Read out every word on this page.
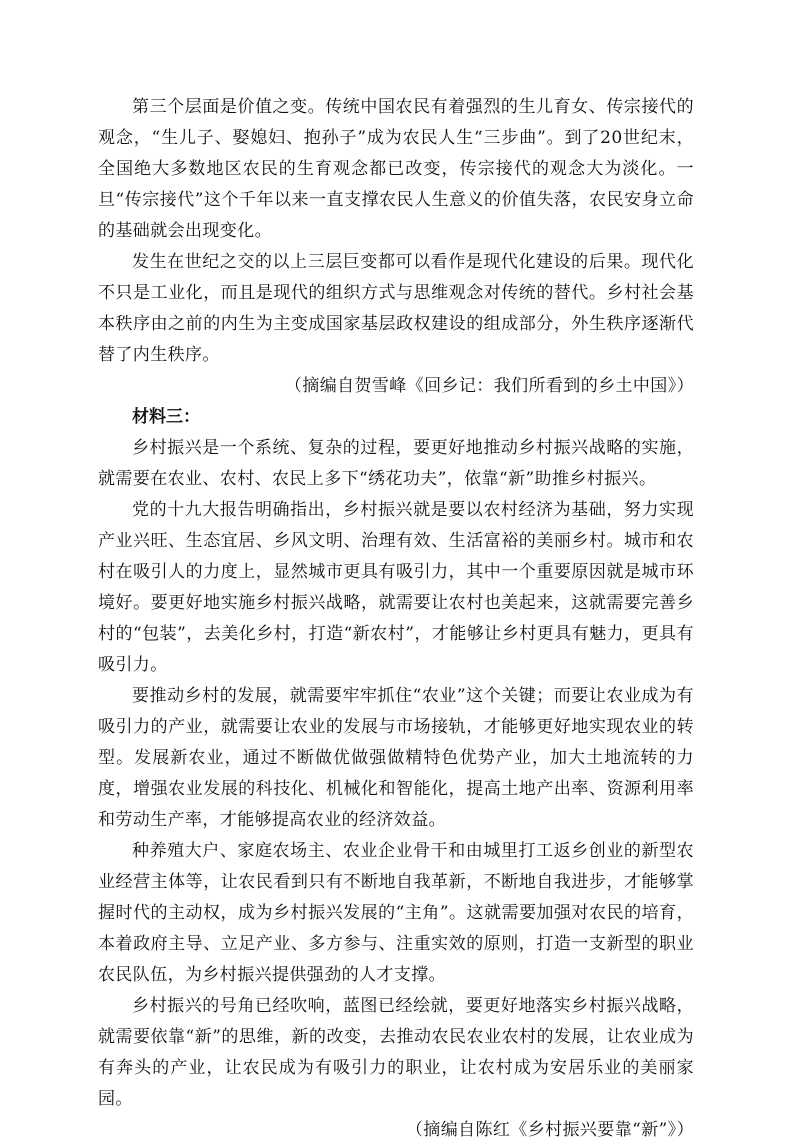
第三个层面是价值之变。传统中国农民有着强烈的生儿育女、传宗接代的观念，“生儿子、娶媳妇、抱孙子”成为农民人生“三步曲”。到了20世纪末，全国绝大多数地区农民的生育观念都已改变，传宗接代的观念大为淡化。一旦“传宗接代”这个千年以来一直支撑农民人生意义的价值失落，农民安身立命的基础就会出现变化。

发生在世纪之交的以上三层巨变都可以看作是现代化建设的后果。现代化不只是工业化，而且是现代的组织方式与思维观念对传统的替代。乡村社会基本秩序由之前的内生为主变成国家基层政权建设的组成部分，外生秩序逐渐代替了内生秩序。

（摘编自贺雪峰《回乡记：我们所看到的乡土中国》）

材料三：

乡村振兴是一个系统、复杂的过程，要更好地推动乡村振兴战略的实施，就需要在农业、农村、农民上多下“绣花功夫”，依靠“新”助推乡村振兴。

党的十九大报告明确指出，乡村振兴就是要以农村经济为基础，努力实现产业兴旺、生态宜居、乡风文明、治理有效、生活富裕的美丽乡村。城市和农村在吸引人的力度上，显然城市更具有吸引力，其中一个重要原因就是城市环境好。要更好地实施乡村振兴战略，就需要让农村也美起来，这就需要完善乡村的“包装”，去美化乡村，打造“新农村”，才能够让乡村更具有魅力，更具有吸引力。

要推动乡村的发展，就需要牢牢抓住“农业”这个关键；而要让农业成为有吸引力的产业，就需要让农业的发展与市场接轨，才能够更好地实现农业的转型。发展新农业，通过不断做优做强做精特色优势产业，加大土地流转的力度，增强农业发展的科技化、机械化和智能化，提高土地产出率、资源利用率和劳动生产率，才能够提高农业的经济效益。

种养殖大户、家庭农场主、农业企业骨干和由城里打工返乡创业的新型农业经营主体等，让农民看到只有不断地自我革新，不断地自我进步，才能够掌握时代的主动权，成为乡村振兴发展的“主角”。这就需要加强对农民的培育，本着政府主导、立足产业、多方参与、注重实效的原则，打造一支新型的职业农民队伍，为乡村振兴提供强劲的人才支撑。

乡村振兴的号角已经吹响，蓝图已经绘就，要更好地落实乡村振兴战略，就需要依靠“新”的思维，新的改变，去推动农民农业农村的发展，让农业成为有奔头的产业，让农民成为有吸引力的职业，让农村成为安居乐业的美丽家园。

（摘编自陈红《乡村振兴要靠“新”》）
